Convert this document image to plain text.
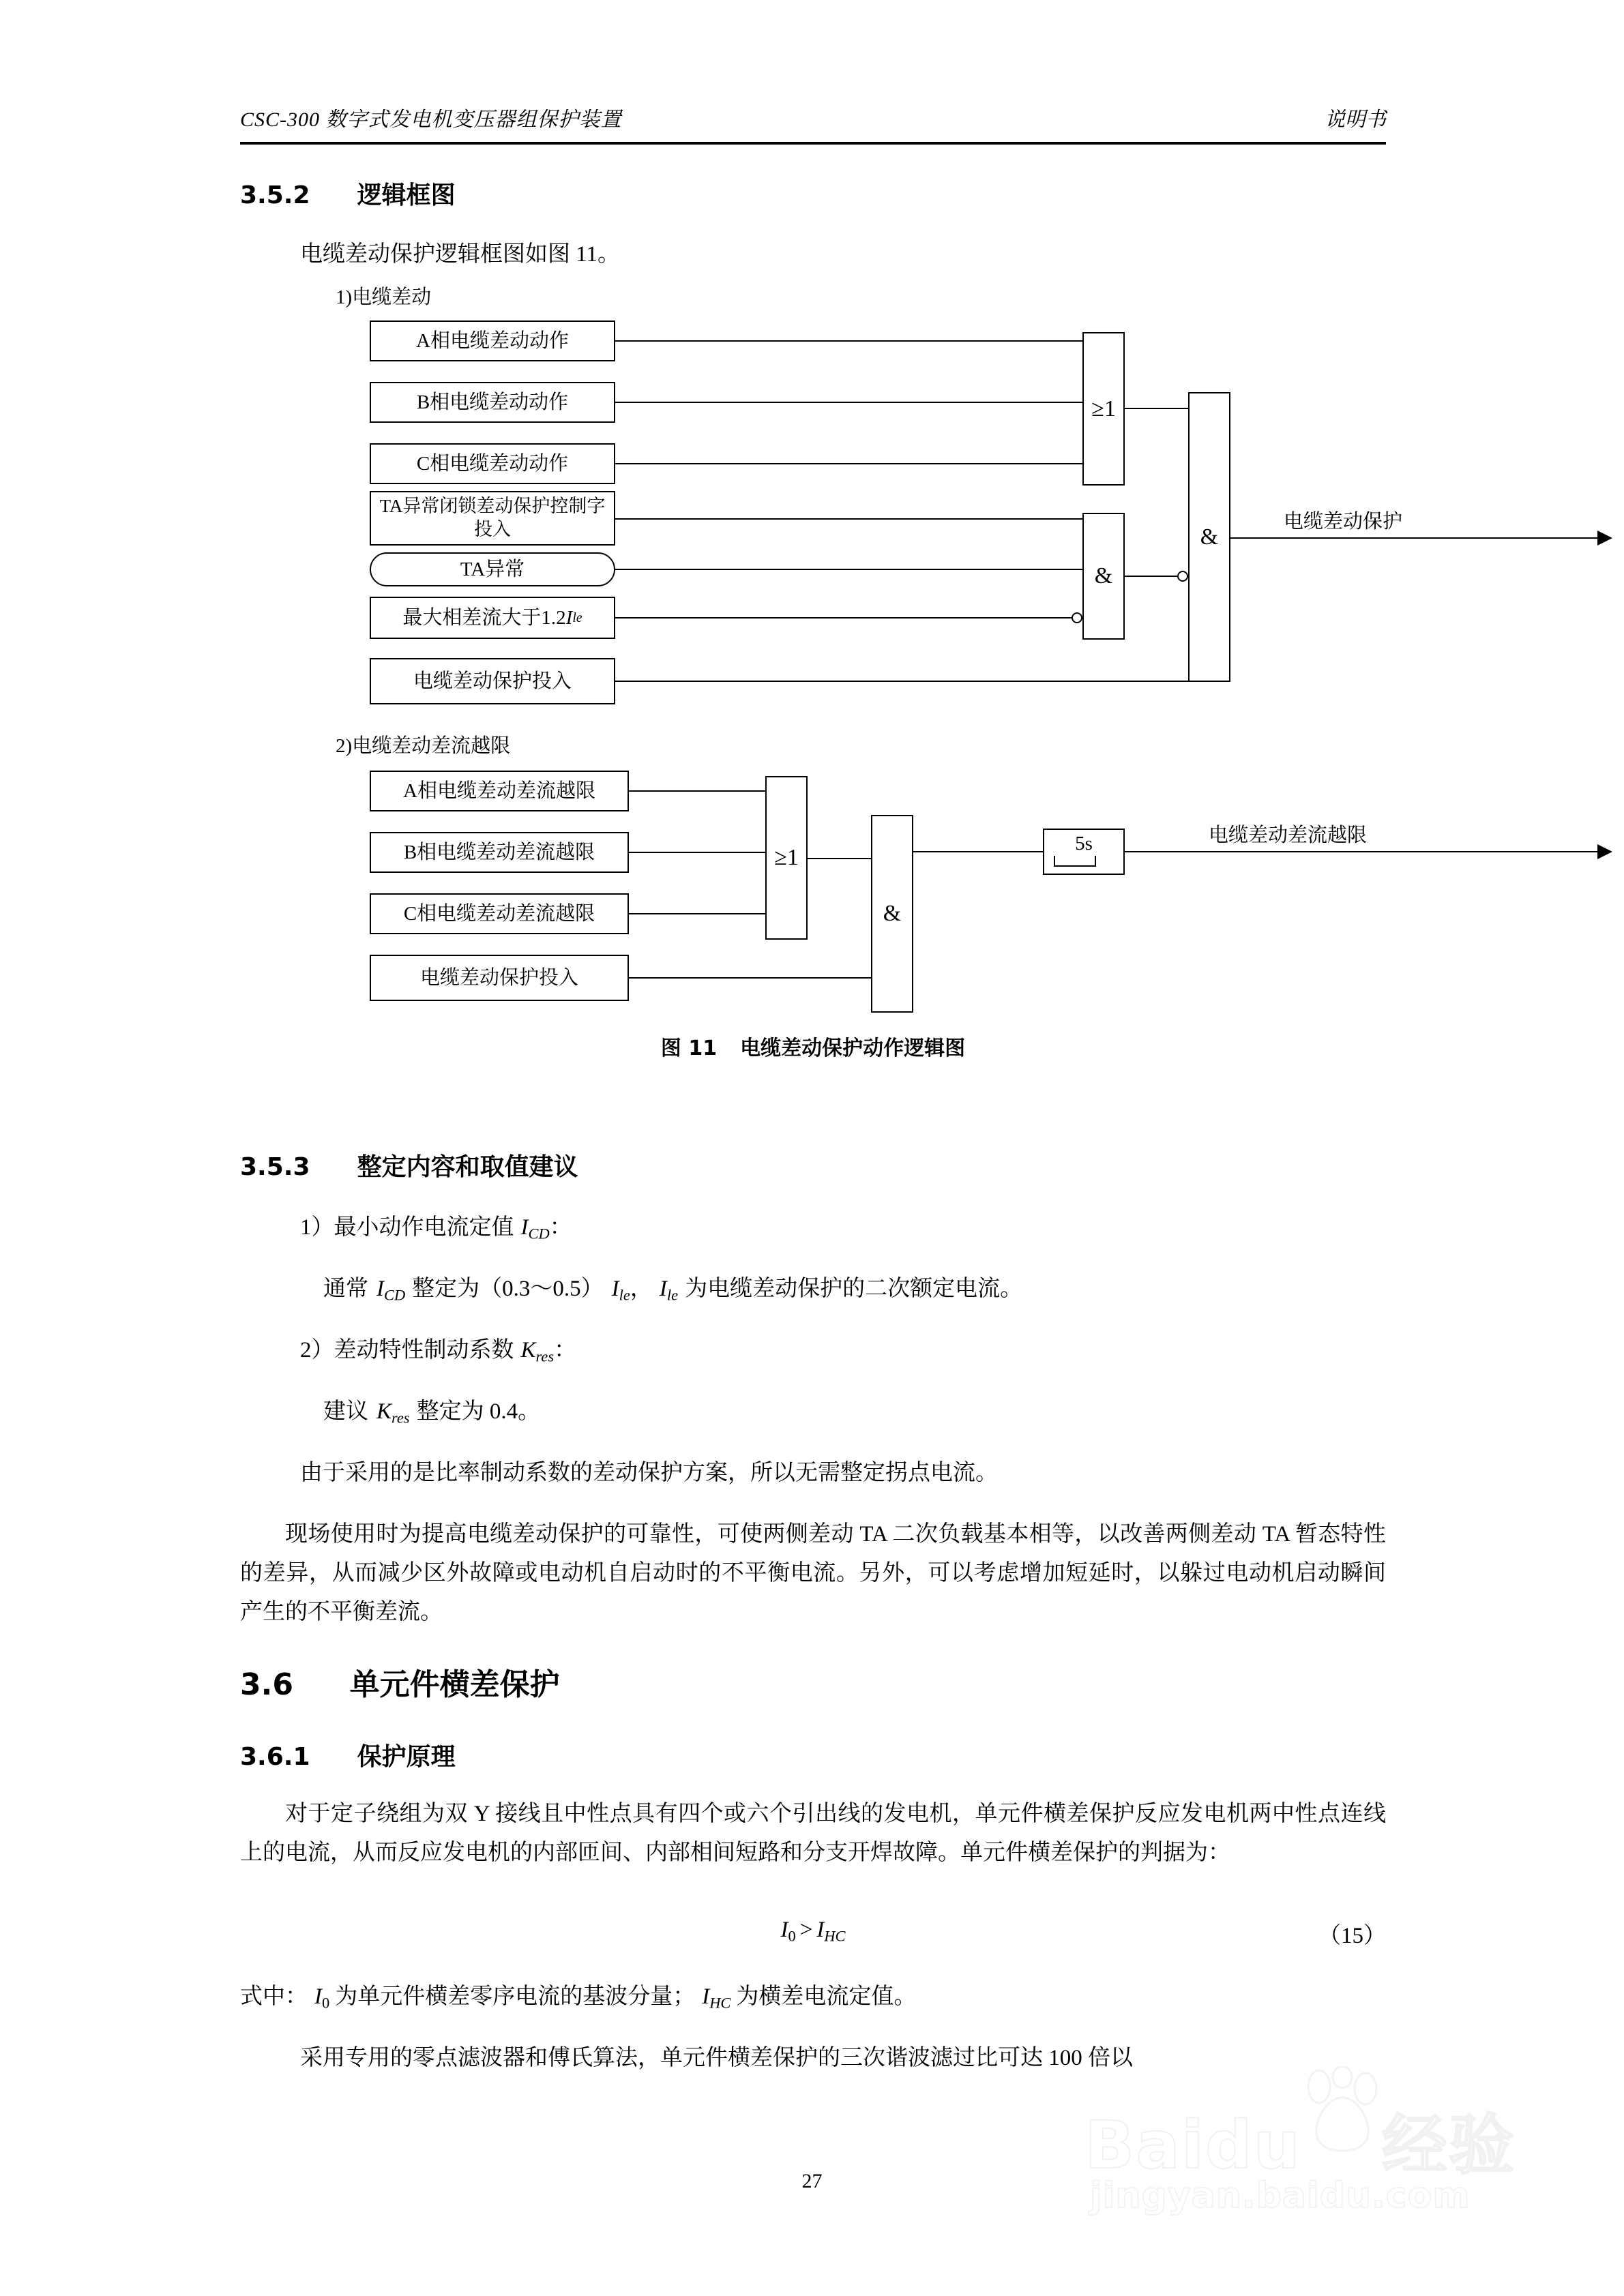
CSC-300 数字式发电机变压器组保护装置	说明书
3.5.2 逻辑框图
电缆差动保护逻辑框图如图 11。
1)电缆差动
A相电缆差动动作
B相电缆差动动作
C相电缆差动动作
TA异常闭锁差动保护控制字投入
TA异常
最大相差流大于1.2 I le
电缆差动保护投入
≥1
&
&
电缆差动保护
2)电缆差动差流越限
A相电缆差动差流越限
B相电缆差动差流越限
C相电缆差动差流越限
电缆差动保护投入
≥1
&
5s	电缆差动差流越限
图 11 电缆差动保护动作逻辑图
3.5.3 整定内容和取值建议
1）最小动作电流定值 $I_{CD}$：
通常 $I_{CD}$ 整定为（0.3～0.5） $I_{le}$， $I_{le}$ 为电缆差动保护的二次额定电流。
2）差动特性制动系数 $K_{res}$：
建议 $K_{res}$ 整定为 0.4。
由于采用的是比率制动系数的差动保护方案，所以无需整定拐点电流。
现场使用时为提高电缆差动保护的可靠性，可使两侧差动 TA 二次负载基本相等，以改善两侧差动 TA 暂态特性的差异，从而减少区外故障或电动机自启动时的不平衡电流。另外，可以考虑增加短延时，以躲过电动机启动瞬间产生的不平衡差流。
3.6 单元件横差保护
3.6.1 保护原理
对于定子绕组为双 Y 接线且中性点具有四个或六个引出线的发电机，单元件横差保护反应发电机两中性点连线上的电流，从而反应发电机的内部匝间、内部相间短路和分支开焊故障。单元件横差保护的判据为：
$I_0 > I_{HC}$	（15）
式中： $I_0$ 为单元件横差零序电流的基波分量； $I_{HC}$ 为横差电流定值。
采用专用的零点滤波器和傅氏算法，单元件横差保护的三次谐波滤过比可达 100 倍以
Baidu 经验
jingyan.baidu.com
27
